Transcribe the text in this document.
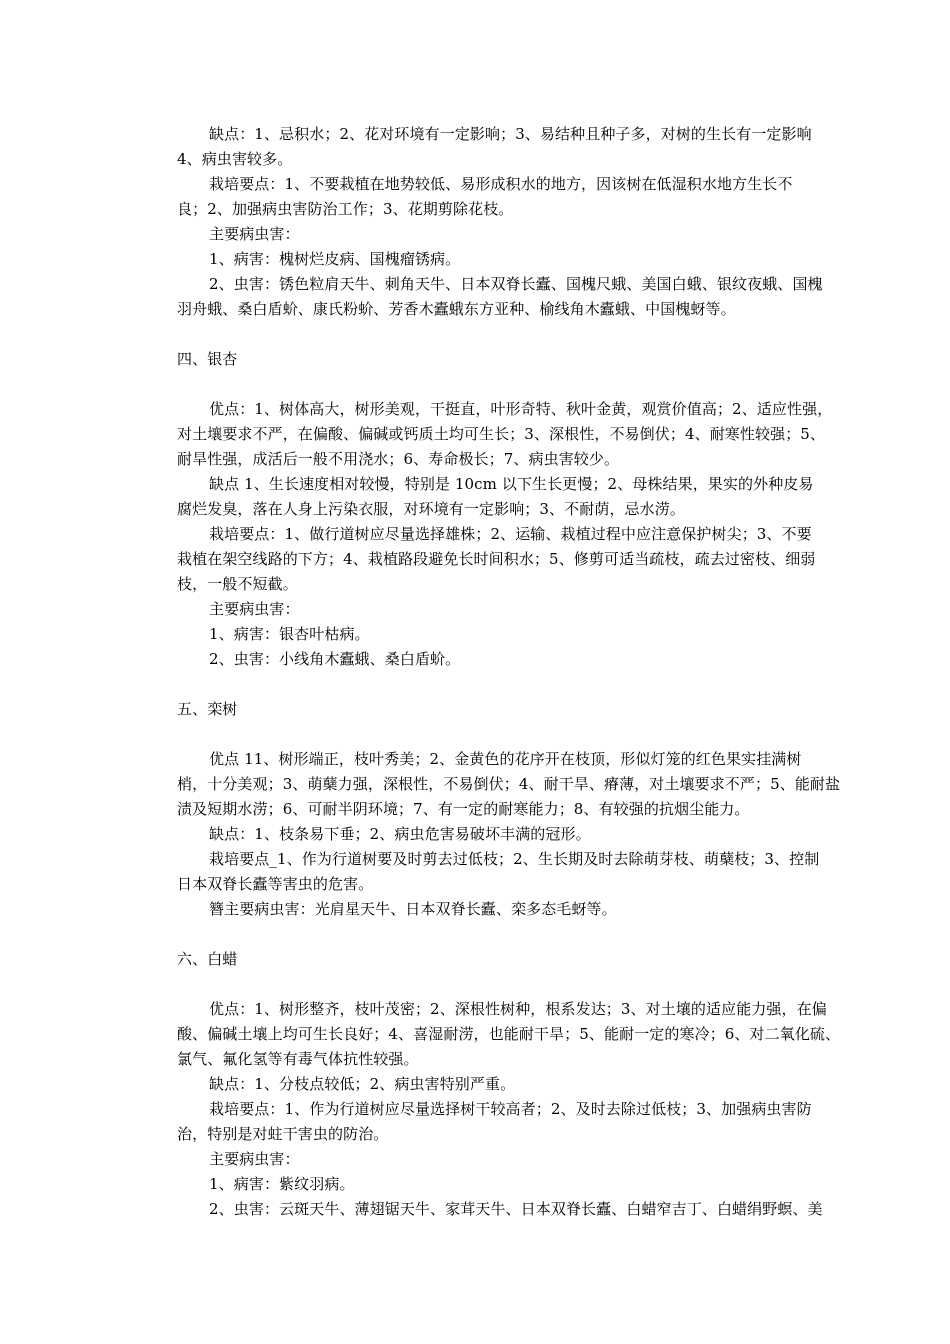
缺点：1、忌积水；2、花对环境有一定影响；3、易结种且种子多，对树的生长有一定影响
4、病虫害较多。

栽培要点：1、不要栽植在地势较低、易形成积水的地方，因该树在低湿积水地方生长不
良；2、加强病虫害防治工作；3、花期剪除花枝。

主要病虫害：

1、病害：槐树烂皮病、国槐瘤锈病。

2、虫害：锈色粒肩天牛、刺角天牛、日本双脊长蠹、国槐尺蛾、美国白蛾、银纹夜蛾、国槐
羽舟蛾、桑白盾蚧、康氏粉蚧、芳香木蠹蛾东方亚种、榆线角木蠹蛾、中国槐蚜等。

四、银杏

优点：1、树体高大，树形美观，干挺直，叶形奇特、秋叶金黄，观赏价值高；2、适应性强，
对土壤要求不严，在偏酸、偏碱或钙质土均可生长；3、深根性，不易倒伏；4、耐寒性较强；5、
耐旱性强，成活后一般不用浇水；6、寿命极长；7、病虫害较少。

缺点 1、生长速度相对较慢，特别是 10cm 以下生长更慢；2、母株结果，果实的外种皮易
腐烂发臭，落在人身上污染衣服，对环境有一定影响；3、不耐荫，忌水涝。

栽培要点：1、做行道树应尽量选择雄株；2、运输、栽植过程中应注意保护树尖；3、不要
栽植在架空线路的下方；4、栽植路段避免长时间积水；5、修剪可适当疏枝，疏去过密枝、细弱
枝，一般不短截。

主要病虫害：

1、病害：银杏叶枯病。

2、虫害：小线角木蠹蛾、桑白盾蚧。

五、栾树

优点 11、树形端正，枝叶秀美；2、金黄色的花序开在枝顶，形似灯笼的红色果实挂满树
梢，十分美观；3、萌蘖力强，深根性，不易倒伏；4、耐干旱、瘠薄，对土壤要求不严；5、能耐盐
渍及短期水涝；6、可耐半阴环境；7、有一定的耐寒能力；8、有较强的抗烟尘能力。

缺点：1、枝条易下垂；2、病虫危害易破坏丰满的冠形。

栽培要点_1、作为行道树要及时剪去过低枝；2、生长期及时去除萌芽枝、萌蘖枝；3、控制
日本双脊长蠹等害虫的危害。

簪主要病虫害：光肩星天牛、日本双脊长蠹、栾多态毛蚜等。

六、白蜡

优点：1、树形整齐，枝叶茂密；2、深根性树种，根系发达；3、对土壤的适应能力强，在偏
酸、偏碱土壤上均可生长良好；4、喜湿耐涝，也能耐干旱；5、能耐一定的寒冷；6、对二氧化硫、
氯气、氟化氢等有毒气体抗性较强。

缺点：1、分枝点较低；2、病虫害特别严重。

栽培要点：1、作为行道树应尽量选择树干较高者；2、及时去除过低枝；3、加强病虫害防
治，特别是对蛀干害虫的防治。

主要病虫害：

1、病害：紫纹羽病。

2、虫害：云斑天牛、薄翅锯天牛、家茸天牛、日本双脊长蠹、白蜡窄吉丁、白蜡绢野螟、美
